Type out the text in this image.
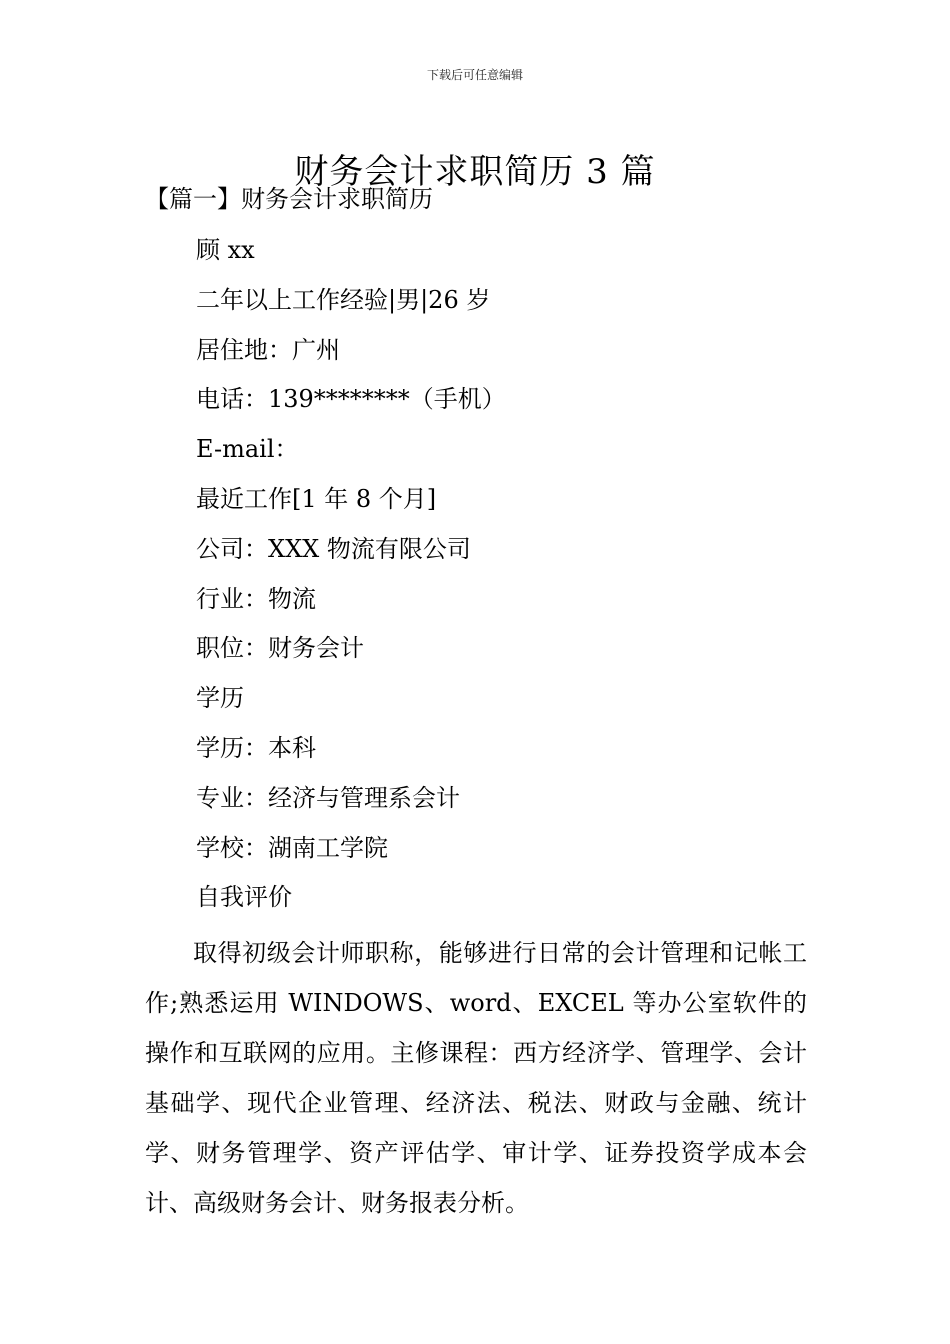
下载后可任意编辑
财务会计求职简历 3 篇
【篇一】财务会计求职简历
顾 xx
二年以上工作经验|男|26 岁
居住地：广州
电话：139********（手机）
E-mail：
最近工作[1 年 8 个月]
公司：XXX 物流有限公司
行业：物流
职位：财务会计
学历
学历：本科
专业：经济与管理系会计
学校：湖南工学院
自我评价

取得初级会计师职称，能够进行日常的会计管理和记帐工作;熟悉运用 WINDOWS、word、EXCEL 等办公室软件的操作和互联网的应用。主修课程：西方经济学、管理学、会计基础学、现代企业管理、经济法、税法、财政与金融、统计学、财务管理学、资产评估学、审计学、证券投资学成本会计、高级财务会计、财务报表分析。
